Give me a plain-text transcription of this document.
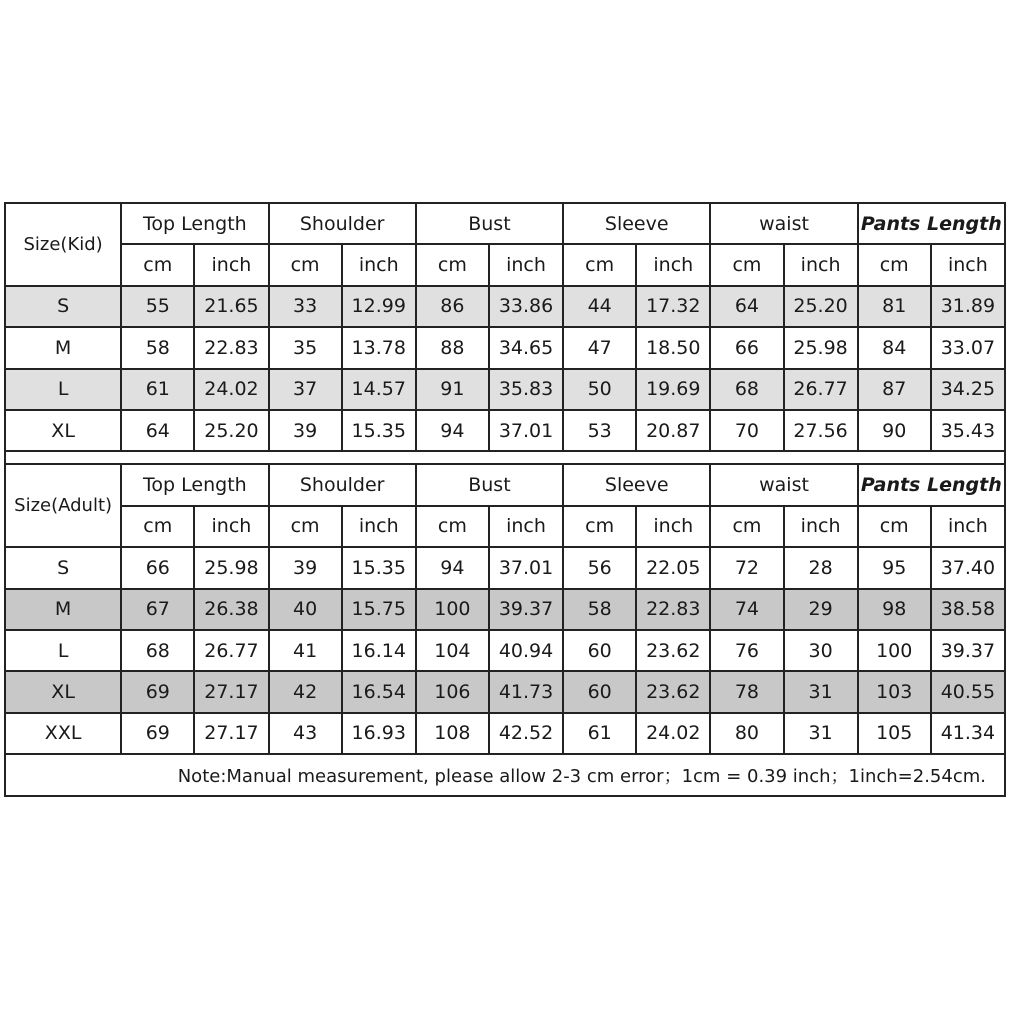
Size(Kid)	Top Length		Shoulder		Bust		Sleeve		waist		Pants Length	
	cm	inch	cm	inch	cm	inch	cm	inch	cm	inch	cm	inch
S	55	21.65	33	12.99	86	33.86	44	17.32	64	25.20	81	31.89
M	58	22.83	35	13.78	88	34.65	47	18.50	66	25.98	84	33.07
L	61	24.02	37	14.57	91	35.83	50	19.69	68	26.77	87	34.25
XL	64	25.20	39	15.35	94	37.01	53	20.87	70	27.56	90	35.43

Size(Adult)	Top Length		Shoulder		Bust		Sleeve		waist		Pants Length	
	cm	inch	cm	inch	cm	inch	cm	inch	cm	inch	cm	inch
S	66	25.98	39	15.35	94	37.01	56	22.05	72	28	95	37.40
M	67	26.38	40	15.75	100	39.37	58	22.83	74	29	98	38.58
L	68	26.77	41	16.14	104	40.94	60	23.62	76	30	100	39.37
XL	69	27.17	42	16.54	106	41.73	60	23.62	78	31	103	40.55
XXL	69	27.17	43	16.93	108	42.52	61	24.02	80	31	105	41.34
Note:Manual measurement, please allow 2-3 cm error；1cm = 0.39 inch；1inch=2.54cm.												
